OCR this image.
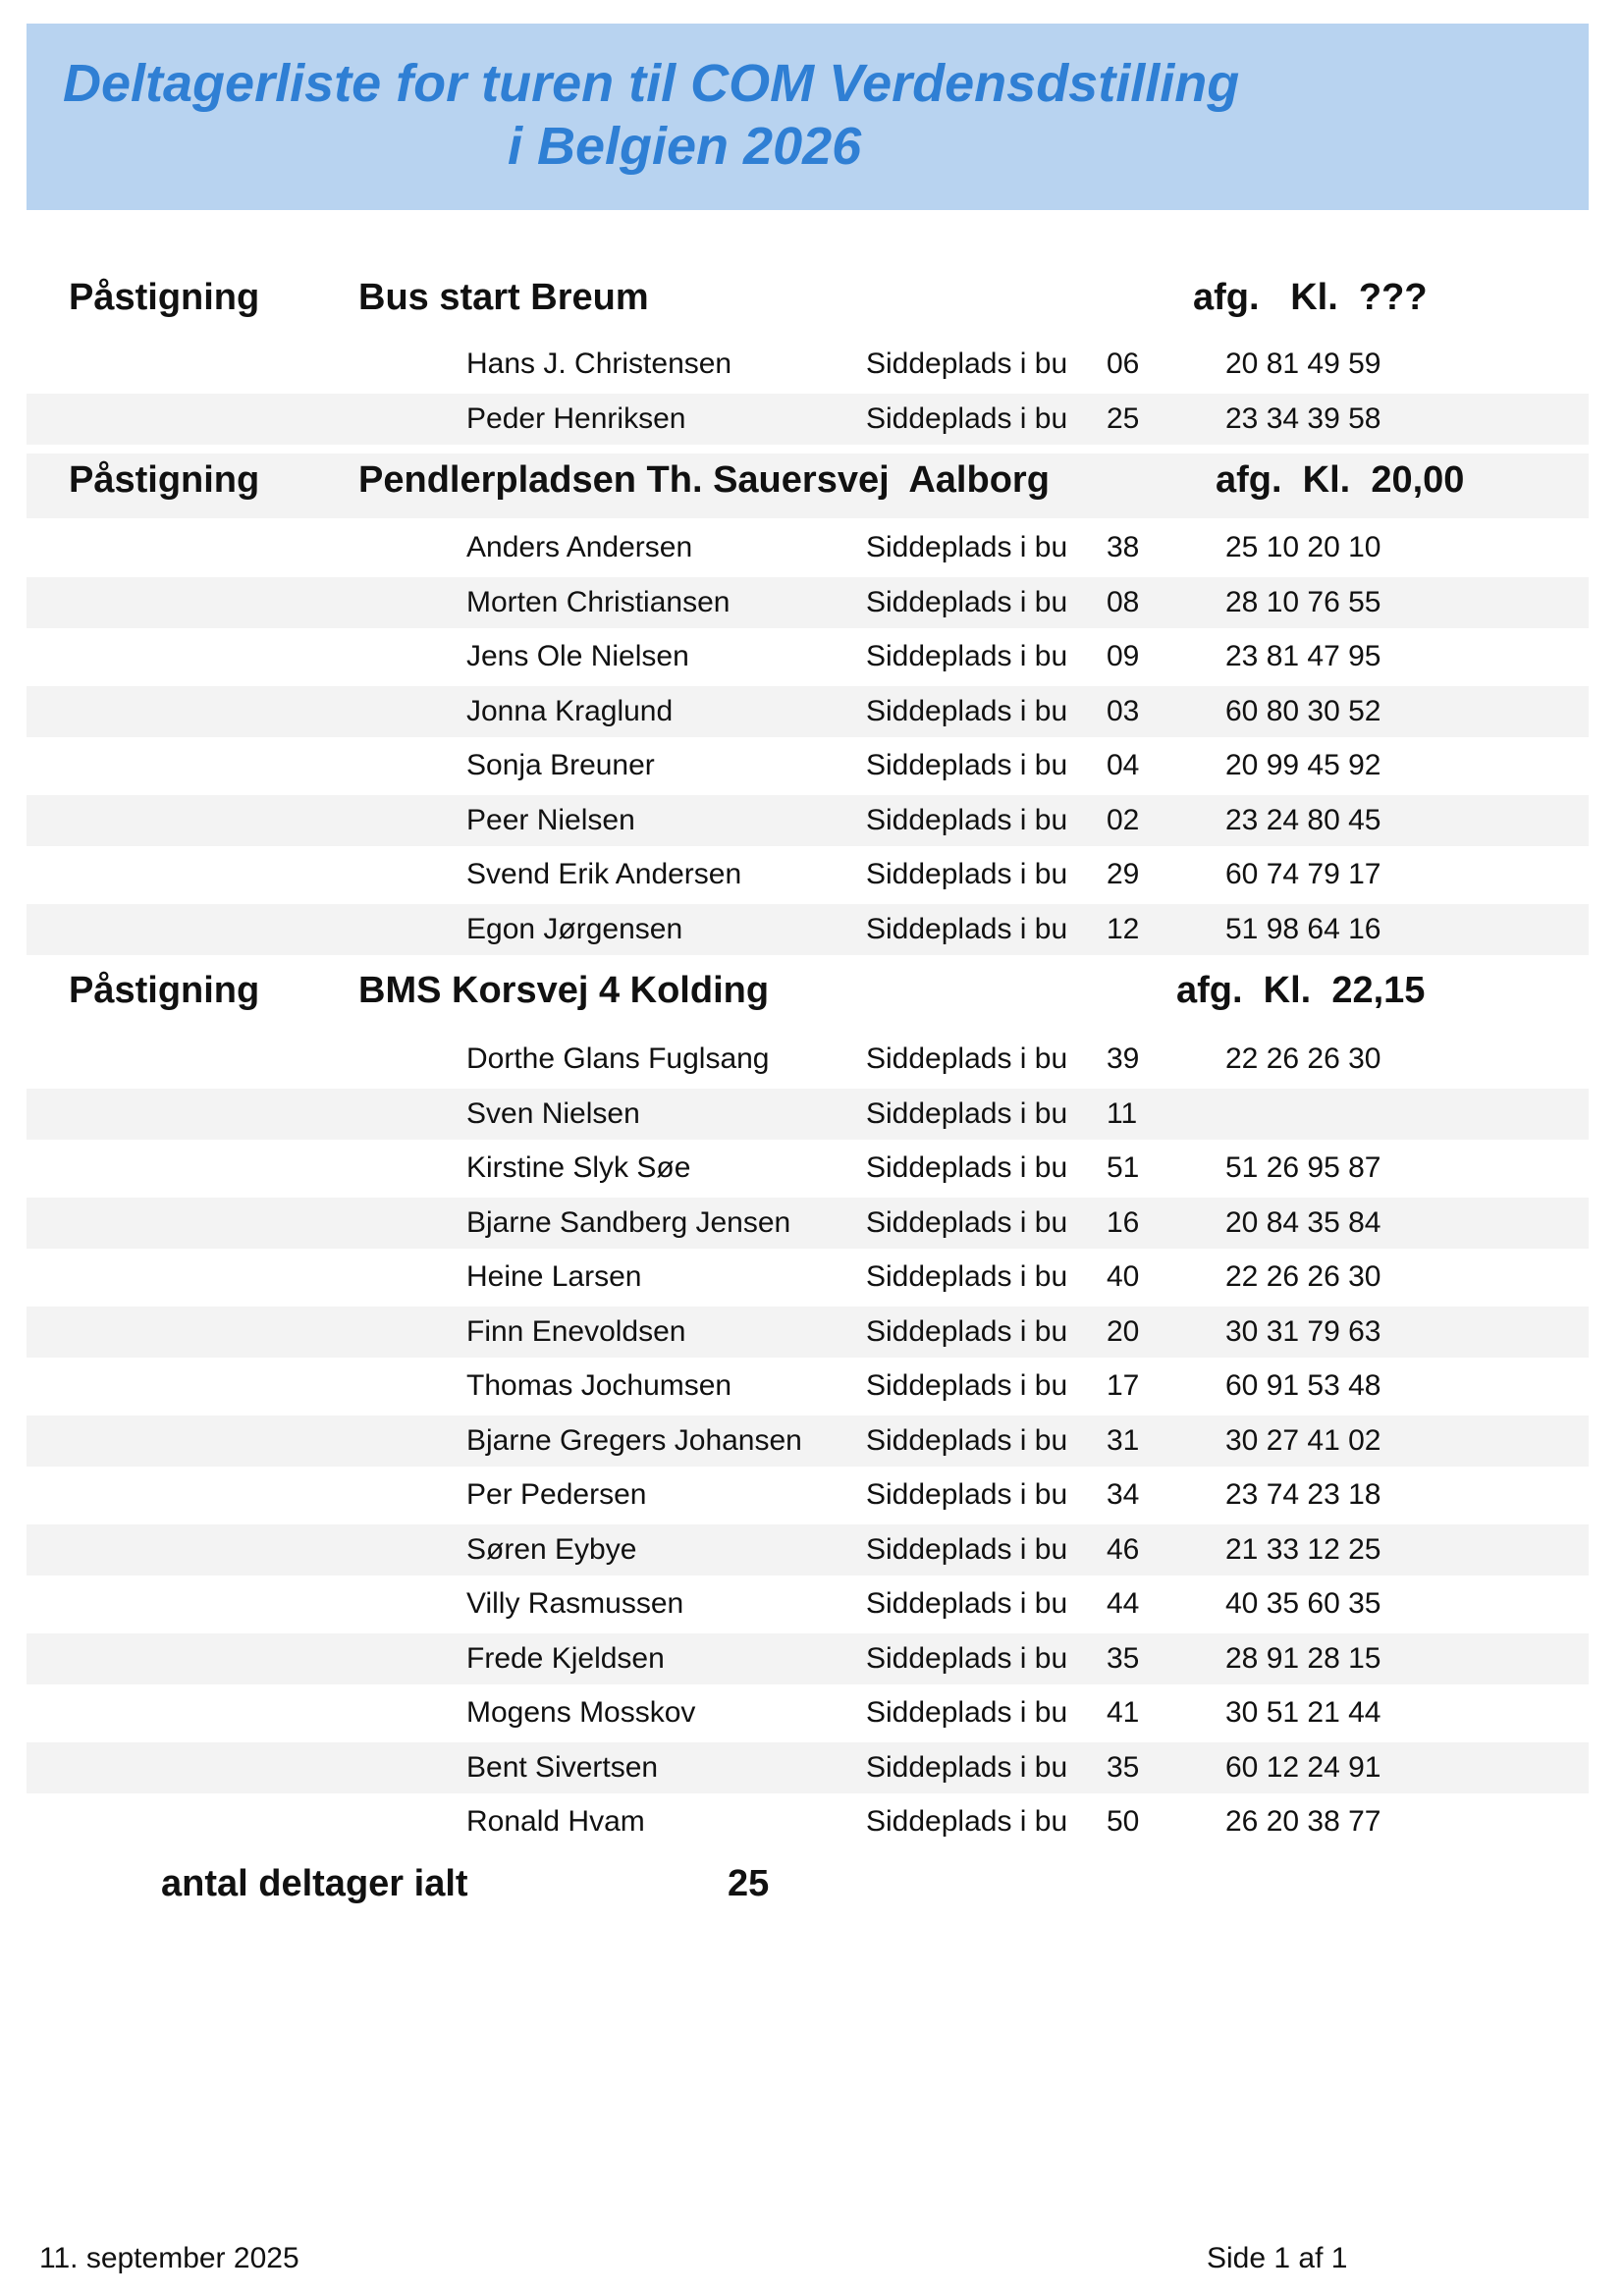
Deltagerliste for turen til COM Verdensdstilling
i Belgien 2026
Påstigning	Bus start Breum	afg.   Kl.  ???
Hans J. Christensen	Siddeplads i bu 06	20 81 49 59
Peder Henriksen	Siddeplads i bu 25	23 34 39 58
Påstigning	Pendlerpladsen Th. Sauersvej  Aalborg	afg.  Kl.  20,00
Anders Andersen	Siddeplads i bu 38	25 10 20 10
Morten Christiansen	Siddeplads i bu 08	28 10 76 55
Jens Ole Nielsen	Siddeplads i bu 09	23 81 47 95
Jonna Kraglund	Siddeplads i bu 03	60 80 30 52
Sonja Breuner	Siddeplads i bu 04	20 99 45 92
Peer Nielsen	Siddeplads i bu 02	23 24 80 45
Svend Erik Andersen	Siddeplads i bu 29	60 74 79 17
Egon Jørgensen	Siddeplads i bu 12	51 98 64 16
Påstigning	BMS Korsvej 4 Kolding	afg.  Kl.  22,15
Dorthe Glans Fuglsang	Siddeplads i bu 39	22 26 26 30
Sven Nielsen	Siddeplads i bu 11
Kirstine Slyk Søe	Siddeplads i bu 51	51 26 95 87
Bjarne Sandberg Jensen	Siddeplads i bu 16	20 84 35 84
Heine Larsen	Siddeplads i bu 40	22 26 26 30
Finn Enevoldsen	Siddeplads i bu 20	30 31 79 63
Thomas Jochumsen	Siddeplads i bu 17	60 91 53 48
Bjarne Gregers Johansen Siddeplads i bu 31	30 27 41 02
Per Pedersen	Siddeplads i bu 34	23 74 23 18
Søren Eybye	Siddeplads i bu 46	21 33 12 25
Villy Rasmussen	Siddeplads i bu 44	40 35 60 35
Frede Kjeldsen	Siddeplads i bu 35	28 91 28 15
Mogens Mosskov	Siddeplads i bu 41	30 51 21 44
Bent Sivertsen	Siddeplads i bu 35	60 12 24 91
Ronald Hvam	Siddeplads i bu 50	26 20 38 77
antal deltager ialt	25
11. september 2025	Side 1 af 1
